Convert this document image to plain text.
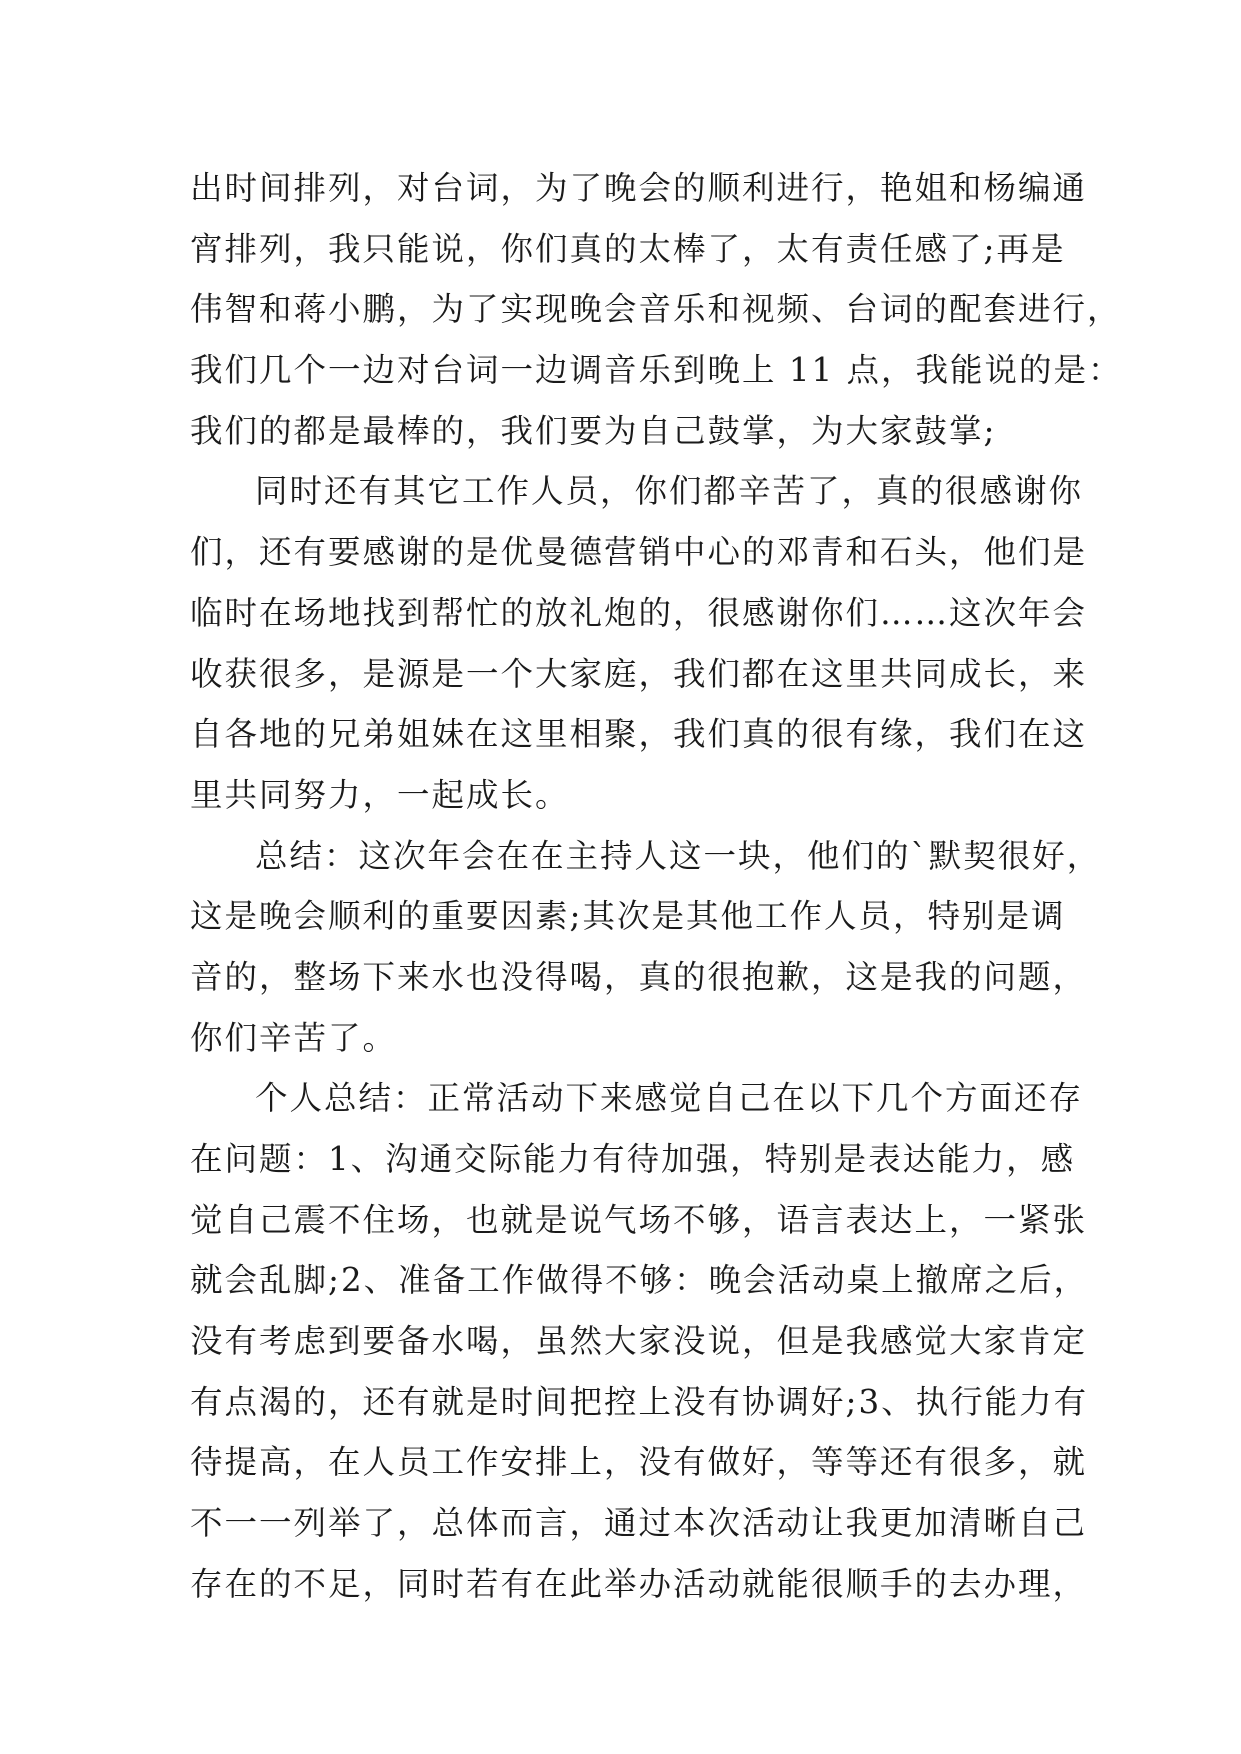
出时间排列，对台词，为了晚会的顺利进行，艳姐和杨编通
宵排列，我只能说，你们真的太棒了，太有责任感了;再是
伟智和蒋小鹏，为了实现晚会音乐和视频、台词的配套进行，
我们几个一边对台词一边调音乐到晚上 11 点，我能说的是：
我们的都是最棒的，我们要为自己鼓掌，为大家鼓掌;
同时还有其它工作人员，你们都辛苦了，真的很感谢你
们，还有要感谢的是优曼德营销中心的邓青和石头，他们是
临时在场地找到帮忙的放礼炮的，很感谢你们……这次年会
收获很多，是源是一个大家庭，我们都在这里共同成长，来
自各地的兄弟姐妹在这里相聚，我们真的很有缘，我们在这
里共同努力，一起成长。
总结：这次年会在在主持人这一块，他们的`默契很好，
这是晚会顺利的重要因素;其次是其他工作人员，特别是调
音的，整场下来水也没得喝，真的很抱歉，这是我的问题，
你们辛苦了。
个人总结：正常活动下来感觉自己在以下几个方面还存
在问题：1、沟通交际能力有待加强，特别是表达能力，感
觉自己震不住场，也就是说气场不够，语言表达上，一紧张
就会乱脚;2、准备工作做得不够：晚会活动桌上撤席之后，
没有考虑到要备水喝，虽然大家没说，但是我感觉大家肯定
有点渴的，还有就是时间把控上没有协调好;3、执行能力有
待提高，在人员工作安排上，没有做好，等等还有很多，就
不一一列举了，总体而言，通过本次活动让我更加清晰自己
存在的不足，同时若有在此举办活动就能很顺手的去办理，
